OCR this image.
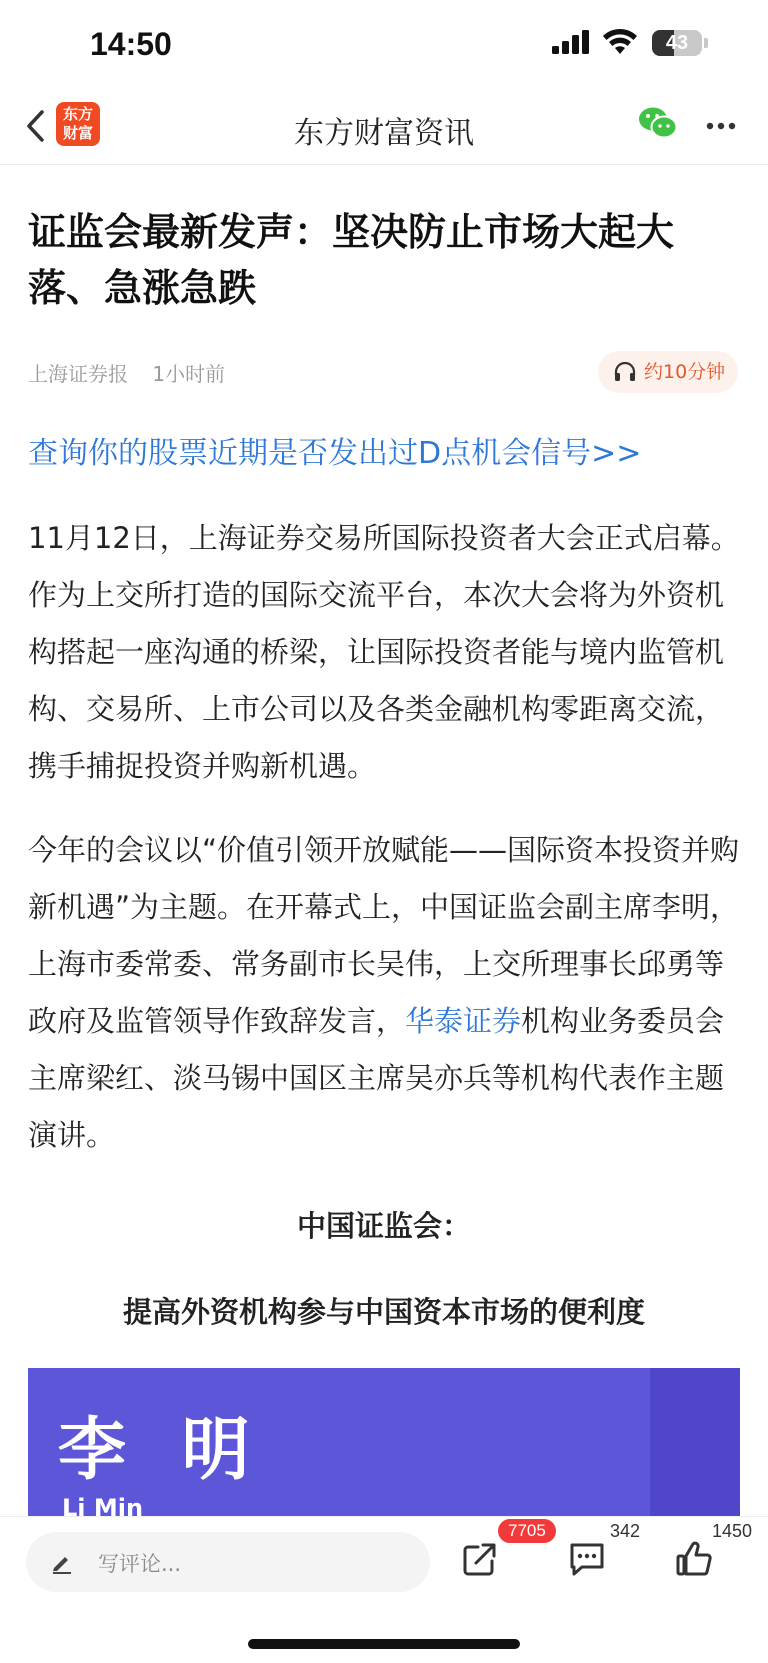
14:50	43
东方财富	东方财富资讯
证监会最新发声：坚决防止市场大起大落、急涨急跌
上海证券报 1小时前	约10分钟
查询你的股票近期是否发出过D点机会信号>>
11月12日，上海证券交易所国际投资者大会正式启幕。作为上交所打造的国际交流平台，本次大会将为外资机构搭起一座沟通的桥梁，让国际投资者能与境内监管机构、交易所、上市公司以及各类金融机构零距离交流，携手捕捉投资并购新机遇。
今年的会议以“价值引领开放赋能——国际资本投资并购新机遇”为主题。在开幕式上，中国证监会副主席李明，上海市委常委、常务副市长吴伟，上交所理事长邱勇等政府及监管领导作致辞发言，华泰证券机构业务委员会主席梁红、淡马锡中国区主席吴亦兵等机构代表作主题演讲。
中国证监会：
提高外资机构参与中国资本市场的便利度
李 明
Li Min
写评论...
7705	342	1450
